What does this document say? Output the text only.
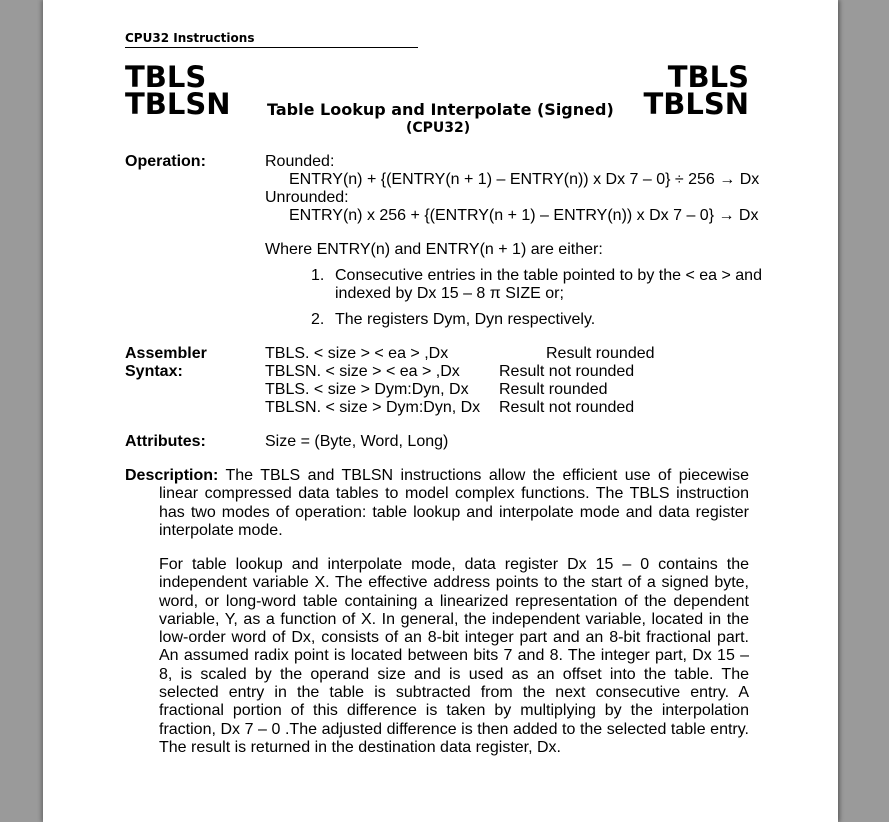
CPU32 Instructions
TBLS
TBLSN
TBLS
TBLSN
Table Lookup and Interpolate (Signed)
(CPU32)
Operation:	Rounded:
ENTRY(n) + {(ENTRY(n + 1) – ENTRY(n)) x Dx 7 – 0} ÷ 256 → Dx
Unrounded:
ENTRY(n) x 256 + {(ENTRY(n + 1) – ENTRY(n)) x Dx 7 – 0} → Dx
Where ENTRY(n) and ENTRY(n + 1) are either:
1. Consecutive entries in the table pointed to by the < ea > and
indexed by Dx 15 – 8 π SIZE or;
2. The registers Dym, Dyn respectively.
Assembler
Syntax:
TBLS. < size > < ea > ,Dx	Result rounded
TBLSN. < size > < ea > ,Dx Result not rounded
TBLS. < size > Dym:Dyn, Dx Result rounded
TBLSN. < size > Dym:Dyn, Dx Result not rounded
Attributes:	Size = (Byte, Word, Long)
Description: The TBLS and TBLSN instructions allow the efficient use of piecewise linear compressed data tables to model complex functions. The TBLS instruction has two modes of operation: table lookup and interpolate mode and data register interpolate mode.
For table lookup and interpolate mode, data register Dx 15 – 0 contains the independent variable X. The effective address points to the start of a signed byte, word, or long-word table containing a linearized representation of the dependent variable, Y, as a function of X. In general, the independent variable, located in the low-order word of Dx, consists of an 8-bit integer part and an 8-bit fractional part. An assumed radix point is located between bits 7 and 8. The integer part, Dx 15 – 8, is scaled by the operand size and is used as an offset into the table. The selected entry in the table is subtracted from the next consecutive entry. A fractional portion of this difference is taken by multiplying by the interpolation fraction, Dx 7 – 0 .The adjusted difference is then added to the selected table entry. The result is returned in the destination data register, Dx.
